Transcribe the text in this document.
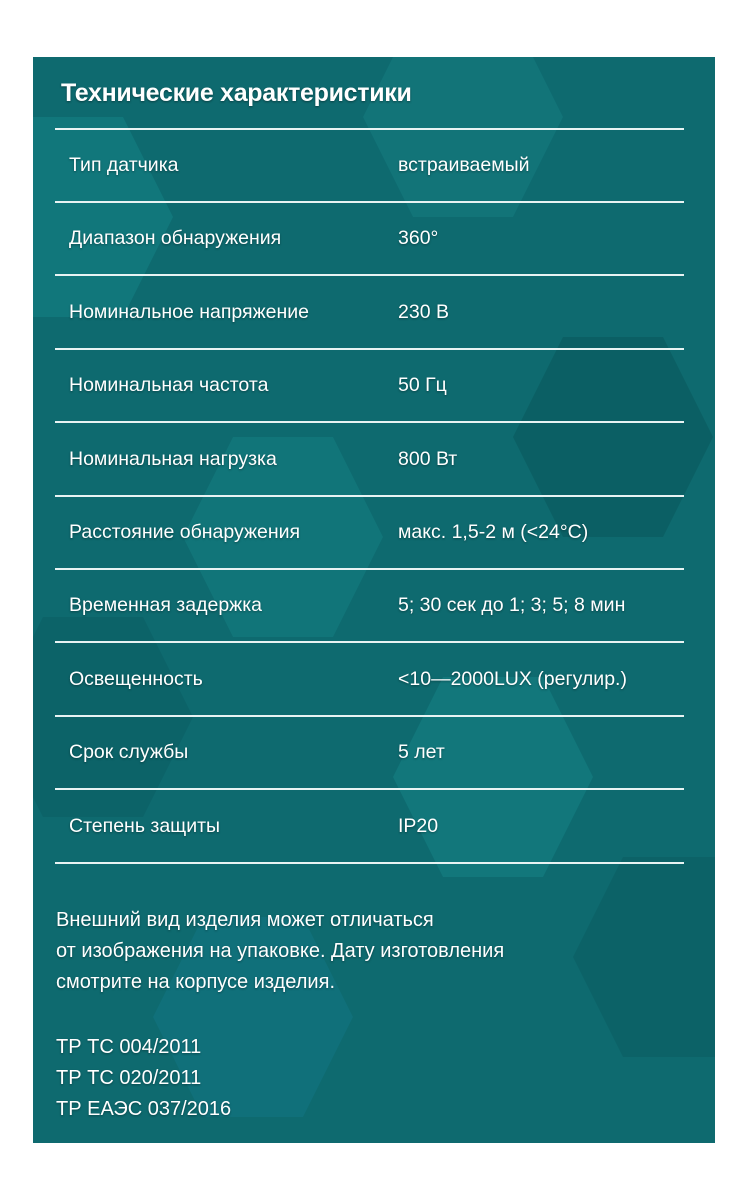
Технические характеристики
Тип датчика	встраиваемый
Диапазон обнаружения	360°
Номинальное напряжение	230 В
Номинальная частота	50 Гц
Номинальная нагрузка	800 Вт
Расстояние обнаружения	макс. 1,5-2 м (<24°С)
Временная задержка	5; 30 сек до 1; 3; 5; 8 мин
Освещенность	<10—2000LUX (регулир.)
Срок службы	5 лет
Степень защиты	IP20
Внешний вид изделия может отличаться
от изображения на упаковке. Дату изготовления
смотрите на корпусе изделия.
ТР ТС 004/2011
ТР ТС 020/2011
ТР ЕАЭС 037/2016
